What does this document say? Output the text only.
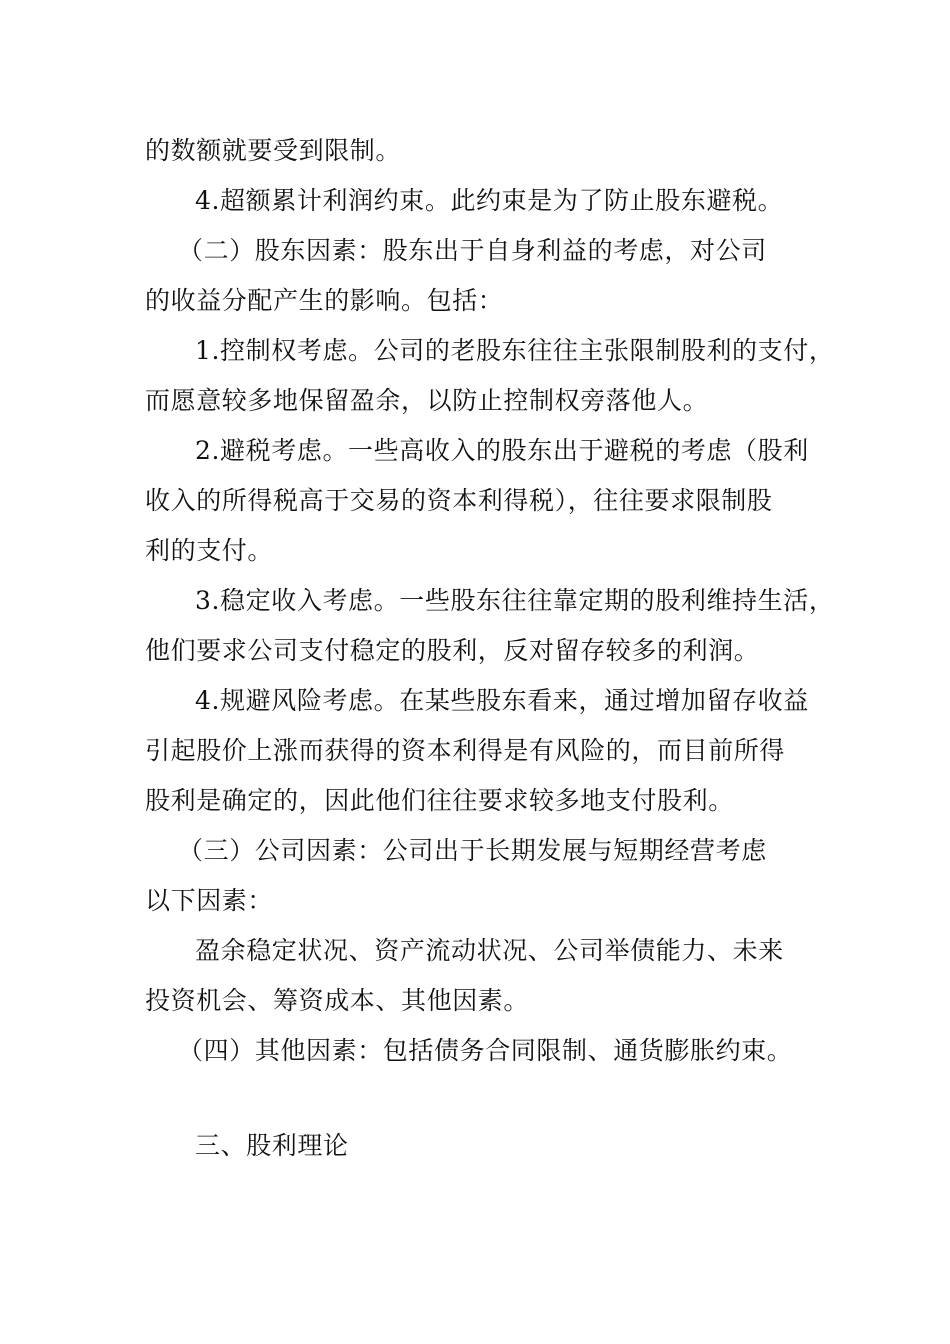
的数额就要受到限制。
4.超额累计利润约束。此约束是为了防止股东避税。
（二）股东因素：股东出于自身利益的考虑，对公司
的收益分配产生的影响。包括：
1.控制权考虑。公司的老股东往往主张限制股利的支付，
而愿意较多地保留盈余，以防止控制权旁落他人。
2.避税考虑。一些高收入的股东出于避税的考虑（股利
收入的所得税高于交易的资本利得税），往往要求限制股
利的支付。
3.稳定收入考虑。一些股东往往靠定期的股利维持生活，
他们要求公司支付稳定的股利，反对留存较多的利润。
4.规避风险考虑。在某些股东看来，通过增加留存收益
引起股价上涨而获得的资本利得是有风险的，而目前所得
股利是确定的，因此他们往往要求较多地支付股利。
（三）公司因素：公司出于长期发展与短期经营考虑
以下因素：
盈余稳定状况、资产流动状况、公司举债能力、未来
投资机会、筹资成本、其他因素。
（四）其他因素：包括债务合同限制、通货膨胀约束。
三、股利理论
